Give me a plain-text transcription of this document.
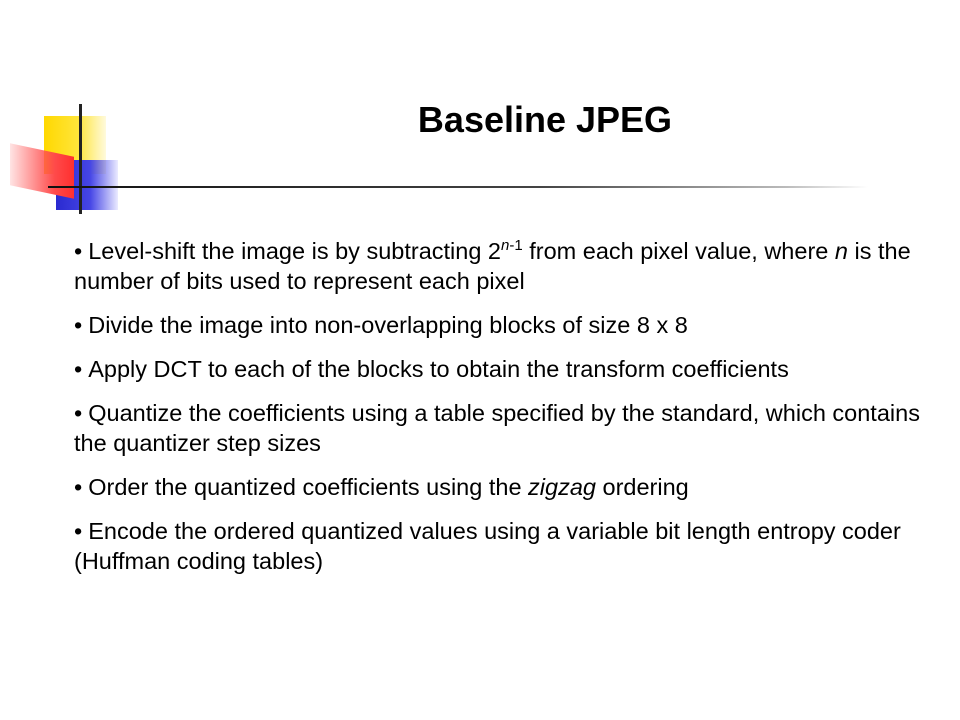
Baseline JPEG
• Level-shift the image is by subtracting 2$^{n-1}$ from each pixel value, where n is the number of bits used to represent each pixel
• Divide the image into non-overlapping blocks of size 8 x 8
• Apply DCT to each of the blocks to obtain the transform coefficients
• Quantize the coefficients using a table specified by the standard, which contains the quantizer step sizes
• Order the quantized coefficients using the zigzag ordering
• Encode the ordered quantized values using a variable bit length entropy coder (Huffman coding tables)
